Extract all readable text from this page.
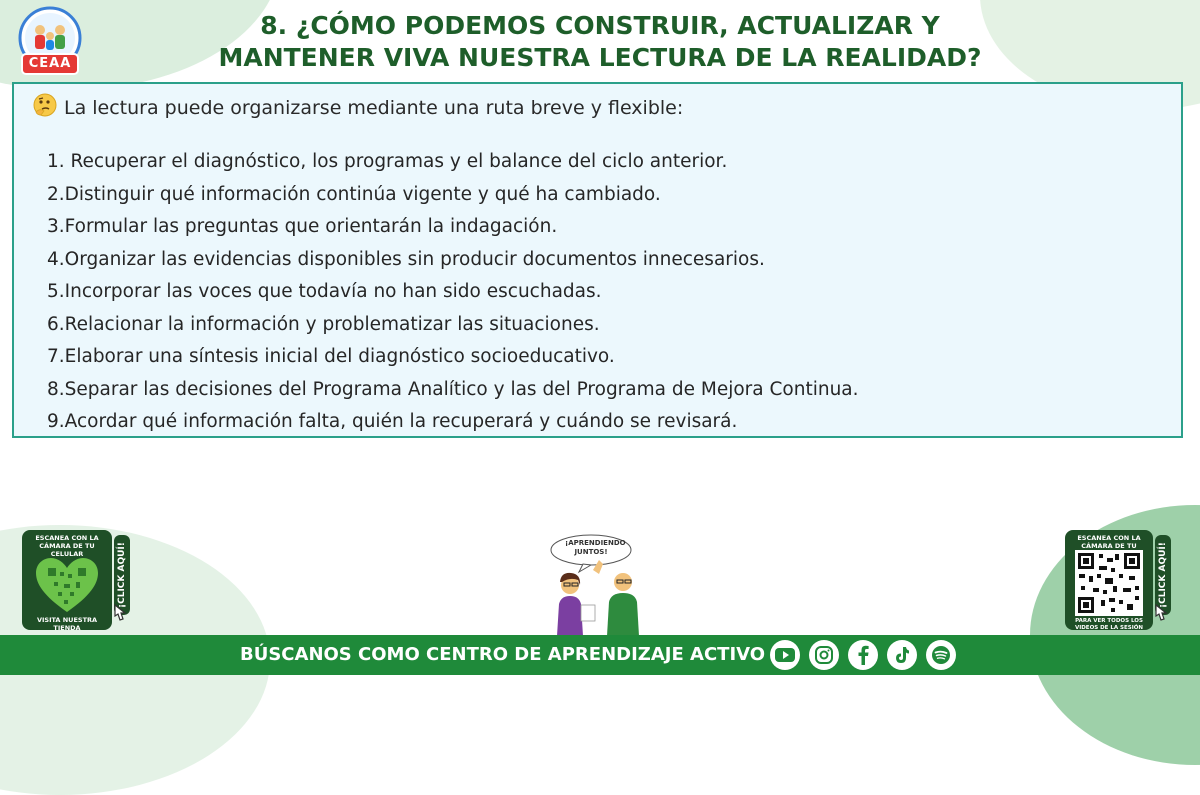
CEAA
8. ¿CÓMO PODEMOS CONSTRUIR, ACTUALIZAR Y
MANTENER VIVA NUESTRA LECTURA DE LA REALIDAD?
La lectura puede organizarse mediante una ruta breve y flexible:
1. Recuperar el diagnóstico, los programas y el balance del ciclo anterior.
2.Distinguir qué información continúa vigente y qué ha cambiado.
3.Formular las preguntas que orientarán la indagación.
4.Organizar las evidencias disponibles sin producir documentos innecesarios.
5.Incorporar las voces que todavía no han sido escuchadas.
6.Relacionar la información y problematizar las situaciones.
7.Elaborar una síntesis inicial del diagnóstico socioeducativo.
8.Separar las decisiones del Programa Analítico y las del Programa de Mejora Continua.
9.Acordar qué información falta, quién la recuperará y cuándo se revisará.
ESCANEA CON LA CÁMARA DE TU CELULAR
VISITA NUESTRA TIENDA
¡CLICK AQUÍ!
ESCANEA CON LA CÁMARA DE TU
PARA VER TODOS LOS VIDEOS DE LA SESIÓN
¡CLICK AQUÍ!
¡APRENDIENDO JUNTOS!
BÚSCANOS COMO CENTRO DE APRENDIZAJE ACTIVO
